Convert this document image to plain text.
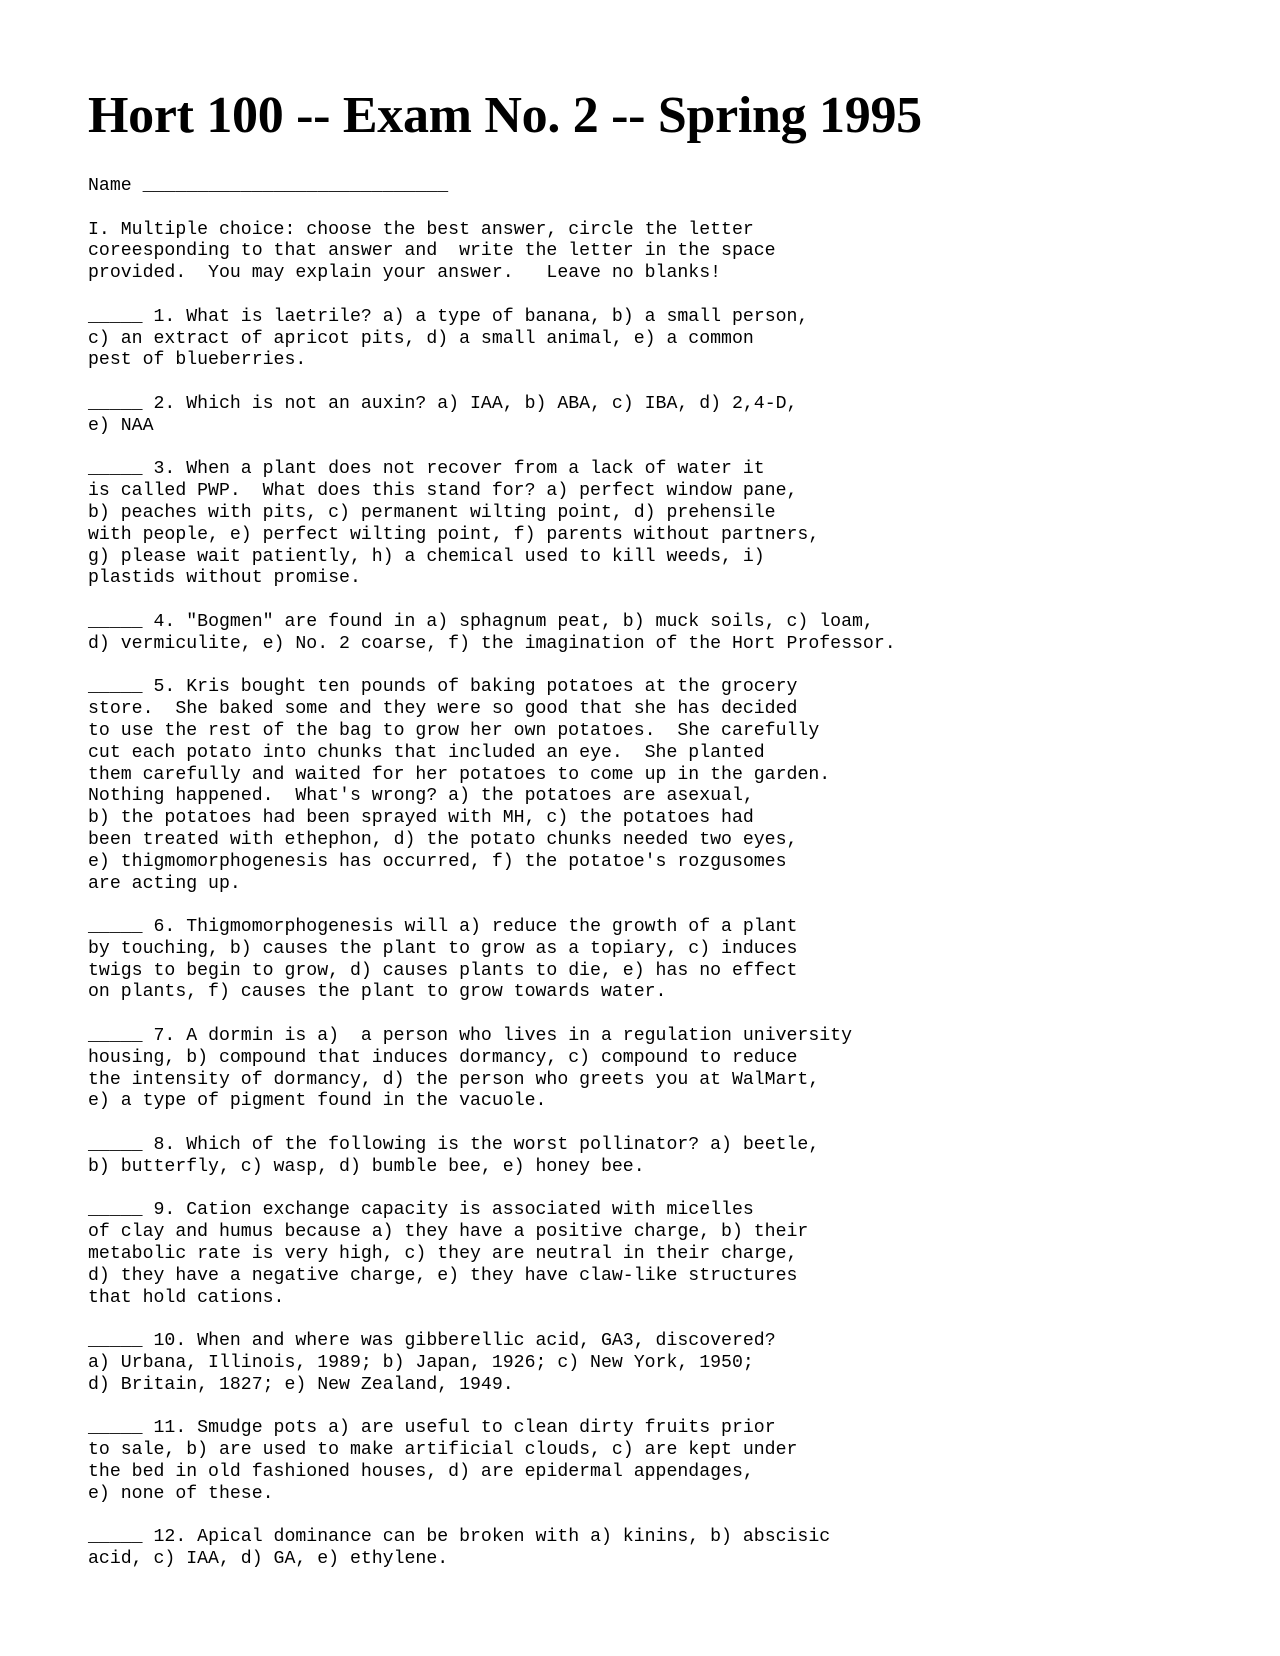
Hort 100 -- Exam No. 2 -- Spring 1995
Name ____________________________
I. Multiple choice: choose the best answer, circle the letter
coreesponding to that answer and  write the letter in the space
provided.  You may explain your answer.   Leave no blanks!
_____ 1. What is laetrile? a) a type of banana, b) a small person,
c) an extract of apricot pits, d) a small animal, e) a common
pest of blueberries.
_____ 2. Which is not an auxin? a) IAA, b) ABA, c) IBA, d) 2,4-D,
e) NAA
_____ 3. When a plant does not recover from a lack of water it
is called PWP.  What does this stand for? a) perfect window pane,
b) peaches with pits, c) permanent wilting point, d) prehensile
with people, e) perfect wilting point, f) parents without partners,
g) please wait patiently, h) a chemical used to kill weeds, i)
plastids without promise.
_____ 4. "Bogmen" are found in a) sphagnum peat, b) muck soils, c) loam,
d) vermiculite, e) No. 2 coarse, f) the imagination of the Hort Professor.
_____ 5. Kris bought ten pounds of baking potatoes at the grocery
store.  She baked some and they were so good that she has decided
to use the rest of the bag to grow her own potatoes.  She carefully
cut each potato into chunks that included an eye.  She planted
them carefully and waited for her potatoes to come up in the garden.
Nothing happened.  What's wrong? a) the potatoes are asexual,
b) the potatoes had been sprayed with MH, c) the potatoes had
been treated with ethephon, d) the potato chunks needed two eyes,
e) thigmomorphogenesis has occurred, f) the potatoe's rozgusomes
are acting up.
_____ 6. Thigmomorphogenesis will a) reduce the growth of a plant
by touching, b) causes the plant to grow as a topiary, c) induces
twigs to begin to grow, d) causes plants to die, e) has no effect
on plants, f) causes the plant to grow towards water.
_____ 7. A dormin is a)  a person who lives in a regulation university
housing, b) compound that induces dormancy, c) compound to reduce
the intensity of dormancy, d) the person who greets you at WalMart,
e) a type of pigment found in the vacuole.
_____ 8. Which of the following is the worst pollinator? a) beetle,
b) butterfly, c) wasp, d) bumble bee, e) honey bee.
_____ 9. Cation exchange capacity is associated with micelles
of clay and humus because a) they have a positive charge, b) their
metabolic rate is very high, c) they are neutral in their charge,
d) they have a negative charge, e) they have claw-like structures
that hold cations.
_____ 10. When and where was gibberellic acid, GA3, discovered?
a) Urbana, Illinois, 1989; b) Japan, 1926; c) New York, 1950;
d) Britain, 1827; e) New Zealand, 1949.
_____ 11. Smudge pots a) are useful to clean dirty fruits prior
to sale, b) are used to make artificial clouds, c) are kept under
the bed in old fashioned houses, d) are epidermal appendages,
e) none of these.
_____ 12. Apical dominance can be broken with a) kinins, b) abscisic
acid, c) IAA, d) GA, e) ethylene.
